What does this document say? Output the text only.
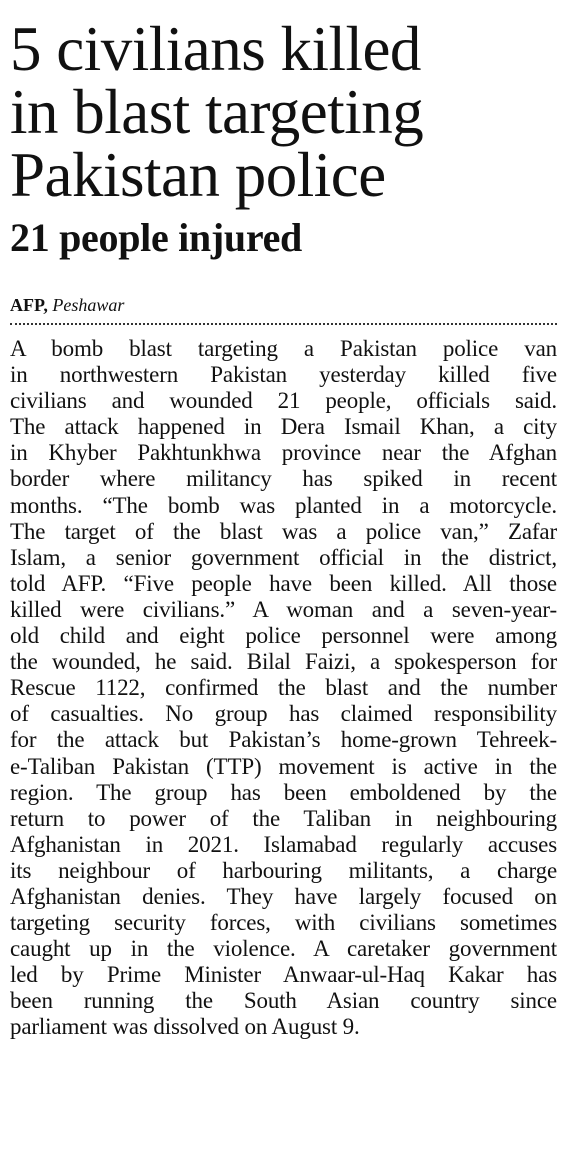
5 civilians killed
in blast targeting
Pakistan police
21 people injured
AFP, Peshawar
A bomb blast targeting a Pakistan police van
in northwestern Pakistan yesterday killed five
civilians and wounded 21 people, officials said.
The attack happened in Dera Ismail Khan, a city
in Khyber Pakhtunkhwa province near the Afghan
border where militancy has spiked in recent
months. “The bomb was planted in a motorcycle.
The target of the blast was a police van,” Zafar
Islam, a senior government official in the district,
told AFP. “Five people have been killed. All those
killed were civilians.” A woman and a seven-year-
old child and eight police personnel were among
the wounded, he said. Bilal Faizi, a spokesperson for
Rescue 1122, confirmed the blast and the number
of casualties. No group has claimed responsibility
for the attack but Pakistan’s home-grown Tehreek-
e-Taliban Pakistan (TTP) movement is active in the
region. The group has been emboldened by the
return to power of the Taliban in neighbouring
Afghanistan in 2021. Islamabad regularly accuses
its neighbour of harbouring militants, a charge
Afghanistan denies. They have largely focused on
targeting security forces, with civilians sometimes
caught up in the violence. A caretaker government
led by Prime Minister Anwaar-ul-Haq Kakar has
been running the South Asian country since
parliament was dissolved on August 9.
